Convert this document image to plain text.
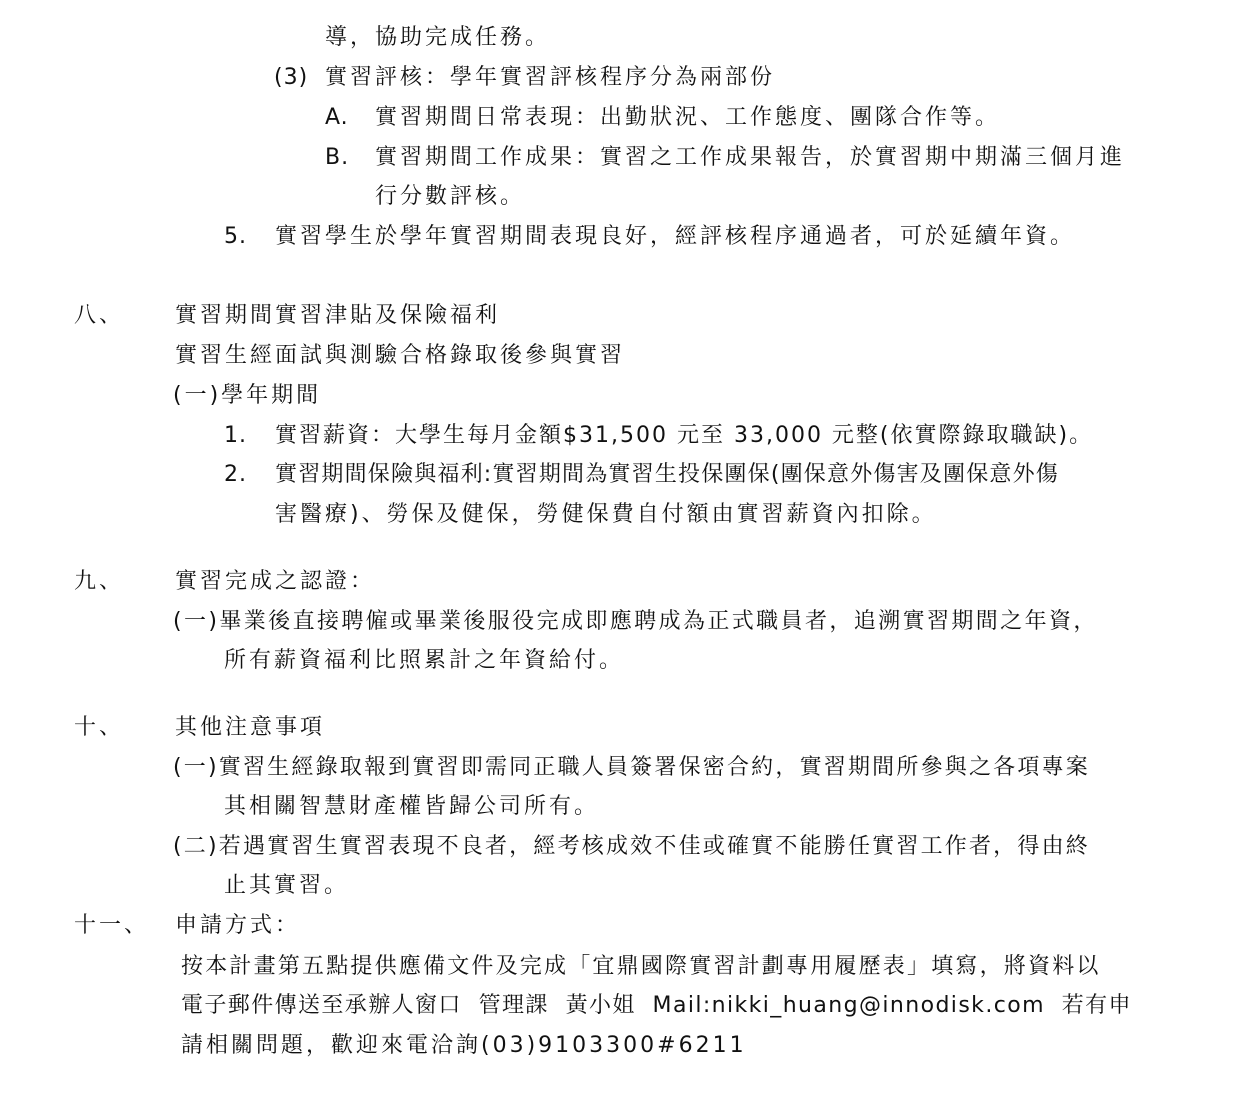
導，協助完成任務。
(3) 實習評核：學年實習評核程序分為兩部份
A. 實習期間日常表現：出勤狀況、工作態度、團隊合作等。
B. 實習期間工作成果：實習之工作成果報告，於實習期中期滿三個月進
行分數評核。
5. 實習學生於學年實習期間表現良好，經評核程序通過者，可於延續年資。
八、 實習期間實習津貼及保險福利
實習生經面試與測驗合格錄取後參與實習
(一)學年期間
1. 實習薪資：大學生每月金額$31,500 元至 33,000 元整(依實際錄取職缺)。
2. 實習期間保險與福利:實習期間為實習生投保團保(團保意外傷害及團保意外傷
害醫療)、勞保及健保，勞健保費自付額由實習薪資內扣除。
九、 實習完成之認證：
(一)畢業後直接聘僱或畢業後服役完成即應聘成為正式職員者，追溯實習期間之年資，
所有薪資福利比照累計之年資給付。
十、 其他注意事項
(一)實習生經錄取報到實習即需同正職人員簽署保密合約，實習期間所參與之各項專案
其相關智慧財產權皆歸公司所有。
(二)若遇實習生實習表現不良者，經考核成效不佳或確實不能勝任實習工作者，得由終
止其實習。
十一、 申請方式：
按本計畫第五點提供應備文件及完成「宜鼎國際實習計劃專用履歷表」填寫，將資料以
電子郵件傳送至承辦人窗口  管理課  黃小姐  Mail:nikki_huang@innodisk.com  若有申
請相關問題，歡迎來電洽詢(03)9103300#6211
